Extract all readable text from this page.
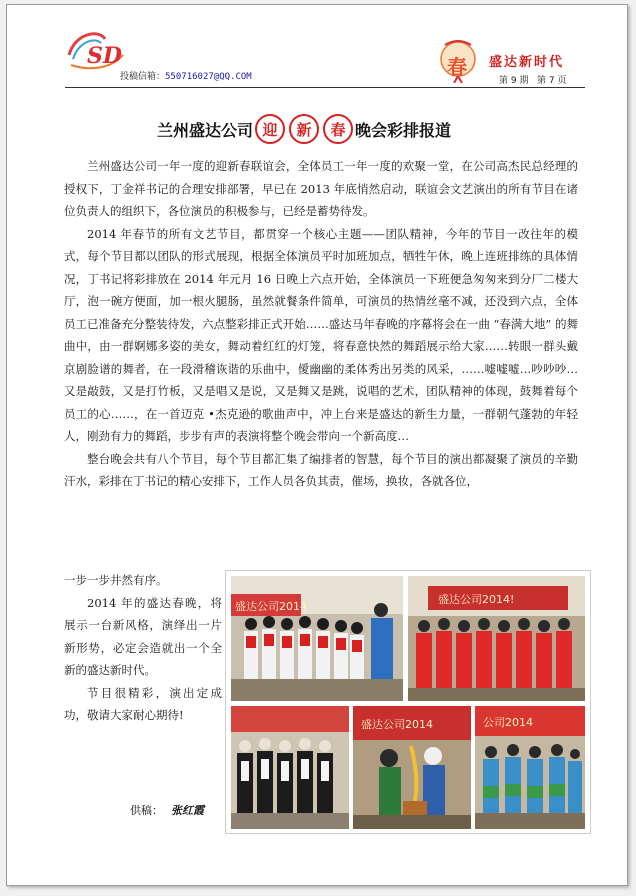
SD
投稿信箱：550716027@QQ.COM	春 盛达新时代
第 9 期 第 7 页
兰州盛达公司 迎	新	春 晚会彩排报道

兰州盛达公司一年一度的迎新春联谊会，全体员工一年一度的欢聚一堂，在公司高杰民总经理的授权下，丁金祥书记的合理安排部署，早已在 2013 年底悄然启动，联谊会文艺演出的所有节目在诸位负责人的组织下，各位演员的积极参与，已经是蓄势待发。

2014 年春节的所有文艺节目，都贯穿一个核心主题——团队精神，今年的节目一改往年的模式，每个节目都以团队的形式展现，根据全体演员平时加班加点，牺牲午休，晚上连班排练的具体情况，丁书记将彩排放在 2014 年元月 16 日晚上六点开始，全体演员一下班便急匆匆来到分厂二楼大厅，泡一碗方便面，加一根火腿肠，虽然就餐条件简单，可演员的热情丝毫不减，还没到六点，全体员工已准备充分整装待发，六点整彩排正式开始……盛达马年春晚的序幕将会在一曲 “春满大地” 的舞曲中，由一群婀娜多姿的美女，舞动着红红的灯笼，将春意快然的舞蹈展示给大家……转眼一群头戴京剧脸谱的舞者，在一段滑稽诙谐的乐曲中，僾幽幽的柔体秀出另类的风采，……嘘嘘嘘…吵吵吵…又是敲鼓，又是打竹板，又是唱又是说，又是舞又是跳，说唱的艺术，团队精神的体现，鼓舞着每个员工的心……，在一首迈克 •杰克逊的歌曲声中，冲上台来是盛达的新生力量，一群朝气蓬勃的年轻人，刚劲有力的舞蹈，步步有声的表演将整个晚会带向一个新高度…

整台晚会共有八个节目，每个节目都汇集了编排者的智慧，每个节目的演出都凝聚了演员的辛勤汗水，彩排在丁书记的精心安排下，工作人员各负其责，催场，换妆，各就各位，

一步一步井然有序。

2014 年的盛达春晚，将展示一台新风格，演绎出一片新形势，必定会造就出一个全新的盛达新时代。

节目很精彩，演出定成功，敬请大家耐心期待!

供稿： 张红霞
盛达公司2014
盛达公司2014!
盛达公司2014	公司2014
